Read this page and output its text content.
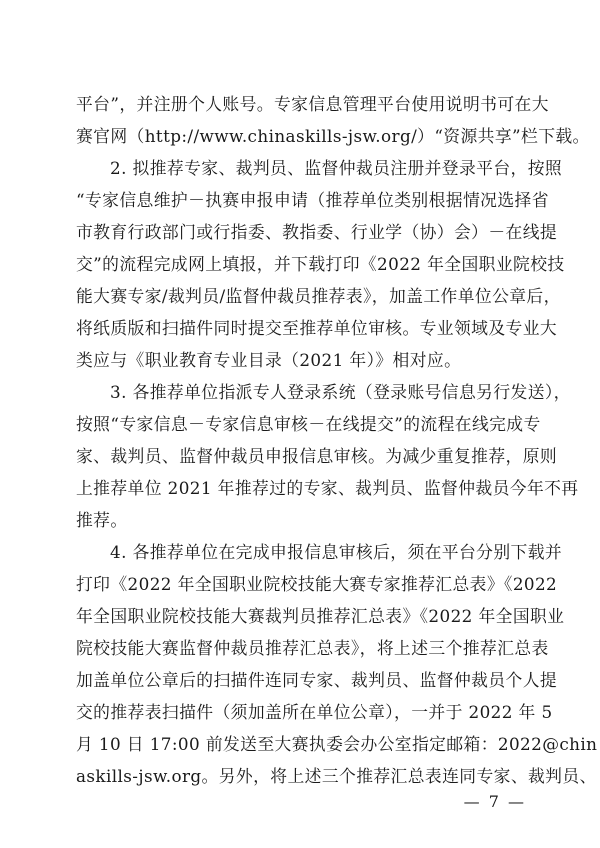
平台”，并注册个人账号。专家信息管理平台使用说明书可在大
赛官网（http://www.chinaskills-jsw.org/）“资源共享”栏下载。

2. 拟推荐专家、裁判员、监督仲裁员注册并登录平台，按照
“专家信息维护－执赛申报申请（推荐单位类别根据情况选择省
市教育行政部门或行指委、教指委、行业学（协）会）－在线提
交”的流程完成网上填报，并下载打印《2022 年全国职业院校技
能大赛专家/裁判员/监督仲裁员推荐表》，加盖工作单位公章后，
将纸质版和扫描件同时提交至推荐单位审核。专业领域及专业大
类应与《职业教育专业目录（2021 年）》相对应。

3. 各推荐单位指派专人登录系统（登录账号信息另行发送），
按照“专家信息－专家信息审核－在线提交”的流程在线完成专
家、裁判员、监督仲裁员申报信息审核。为减少重复推荐，原则
上推荐单位 2021 年推荐过的专家、裁判员、监督仲裁员今年不再
推荐。

4. 各推荐单位在完成申报信息审核后，须在平台分别下载并
打印《2022 年全国职业院校技能大赛专家推荐汇总表》《2022
年全国职业院校技能大赛裁判员推荐汇总表》《2022 年全国职业
院校技能大赛监督仲裁员推荐汇总表》，将上述三个推荐汇总表
加盖单位公章后的扫描件连同专家、裁判员、监督仲裁员个人提
交的推荐表扫描件（须加盖所在单位公章），一并于 2022 年 5
月 10 日 17:00 前发送至大赛执委会办公室指定邮箱：2022@chin
askills-jsw.org。另外，将上述三个推荐汇总表连同专家、裁判员、

— 7 —
